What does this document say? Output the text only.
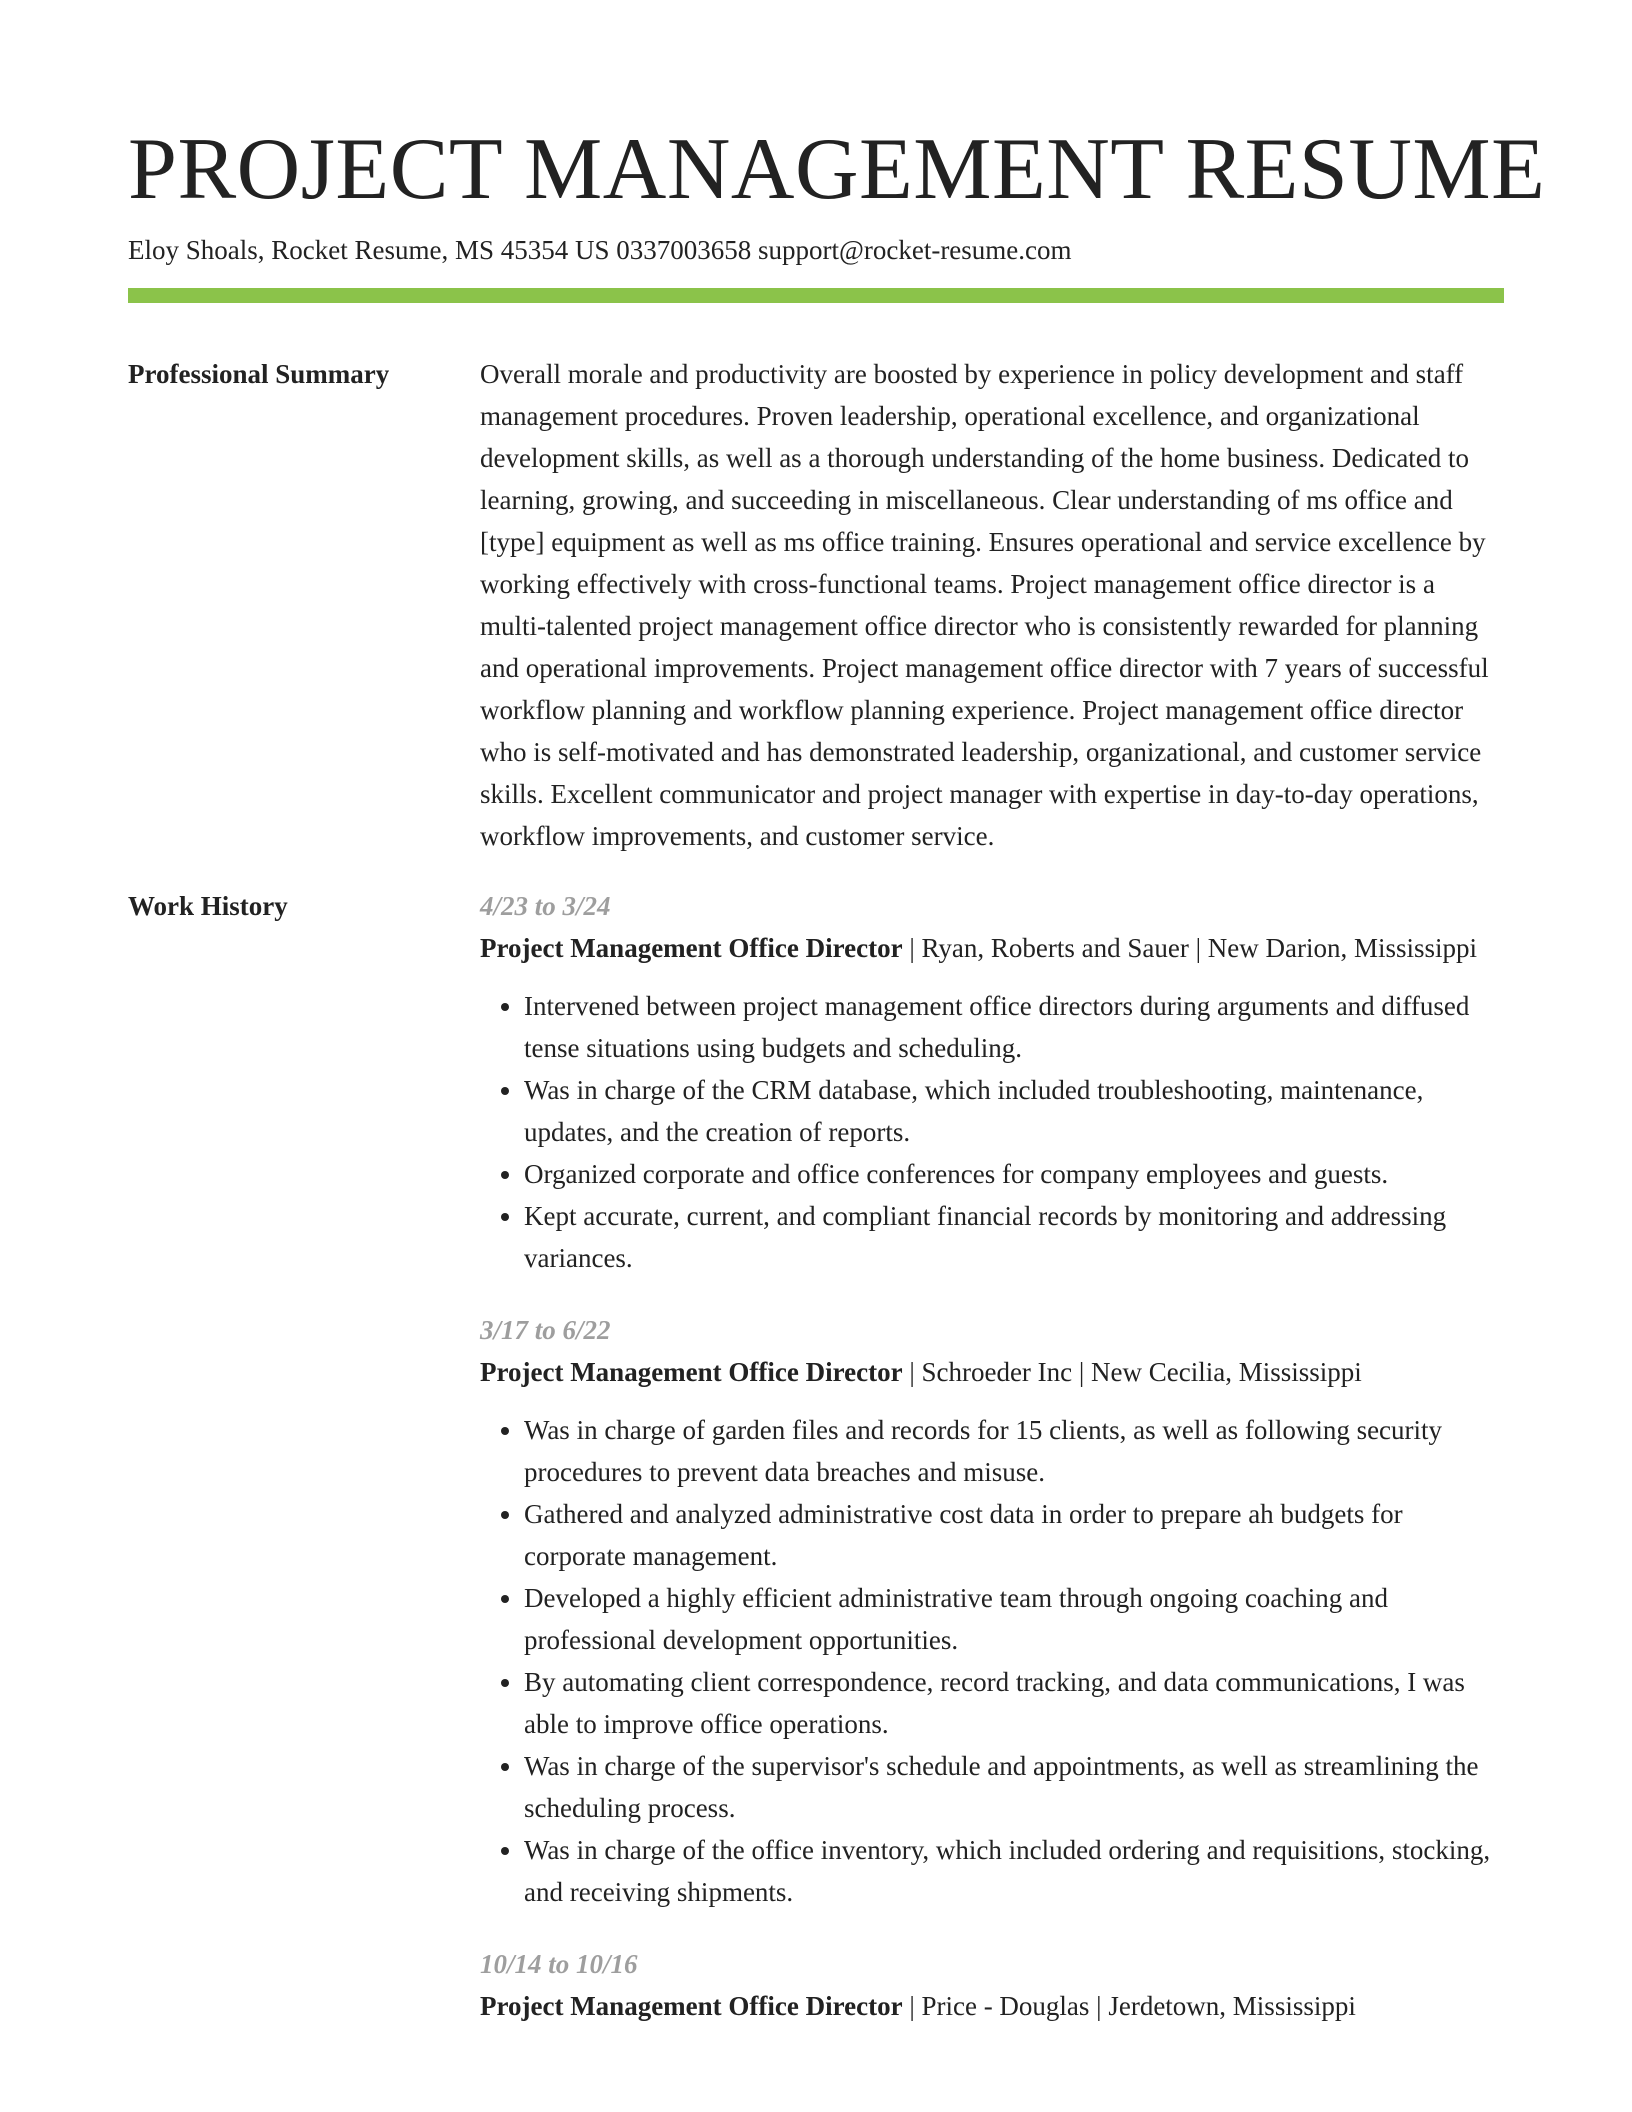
PROJECT MANAGEMENT RESUME
Eloy Shoals, Rocket Resume, MS 45354 US 0337003658 support@rocket-resume.com
Professional Summary	Overall morale and productivity are boosted by experience in policy development and staff management procedures. Proven leadership, operational excellence, and organizational development skills, as well as a thorough understanding of the home business. Dedicated to learning, growing, and succeeding in miscellaneous. Clear understanding of ms office and [type] equipment as well as ms office training. Ensures operational and service excellence by working effectively with cross-functional teams. Project management office director is a multi-talented project management office director who is consistently rewarded for planning and operational improvements. Project management office director with 7 years of successful workflow planning and workflow planning experience. Project management office director who is self-motivated and has demonstrated leadership, organizational, and customer service skills. Excellent communicator and project manager with expertise in day-to-day operations, workflow improvements, and customer service.

Work History	4/23 to 3/24
Project Management Office Director | Ryan, Roberts and Sauer | New Darion, Mississippi
• Intervened between project management office directors during arguments and diffused tense situations using budgets and scheduling.
• Was in charge of the CRM database, which included troubleshooting, maintenance, updates, and the creation of reports.
• Organized corporate and office conferences for company employees and guests.
• Kept accurate, current, and compliant financial records by monitoring and addressing variances.
3/17 to 6/22
Project Management Office Director | Schroeder Inc | New Cecilia, Mississippi
• Was in charge of garden files and records for 15 clients, as well as following security procedures to prevent data breaches and misuse.
• Gathered and analyzed administrative cost data in order to prepare ah budgets for corporate management.
• Developed a highly efficient administrative team through ongoing coaching and professional development opportunities.
• By automating client correspondence, record tracking, and data communications, I was able to improve office operations.
• Was in charge of the supervisor's schedule and appointments, as well as streamlining the scheduling process.
• Was in charge of the office inventory, which included ordering and requisitions, stocking, and receiving shipments.
10/14 to 10/16
Project Management Office Director | Price - Douglas | Jerdetown, Mississippi
